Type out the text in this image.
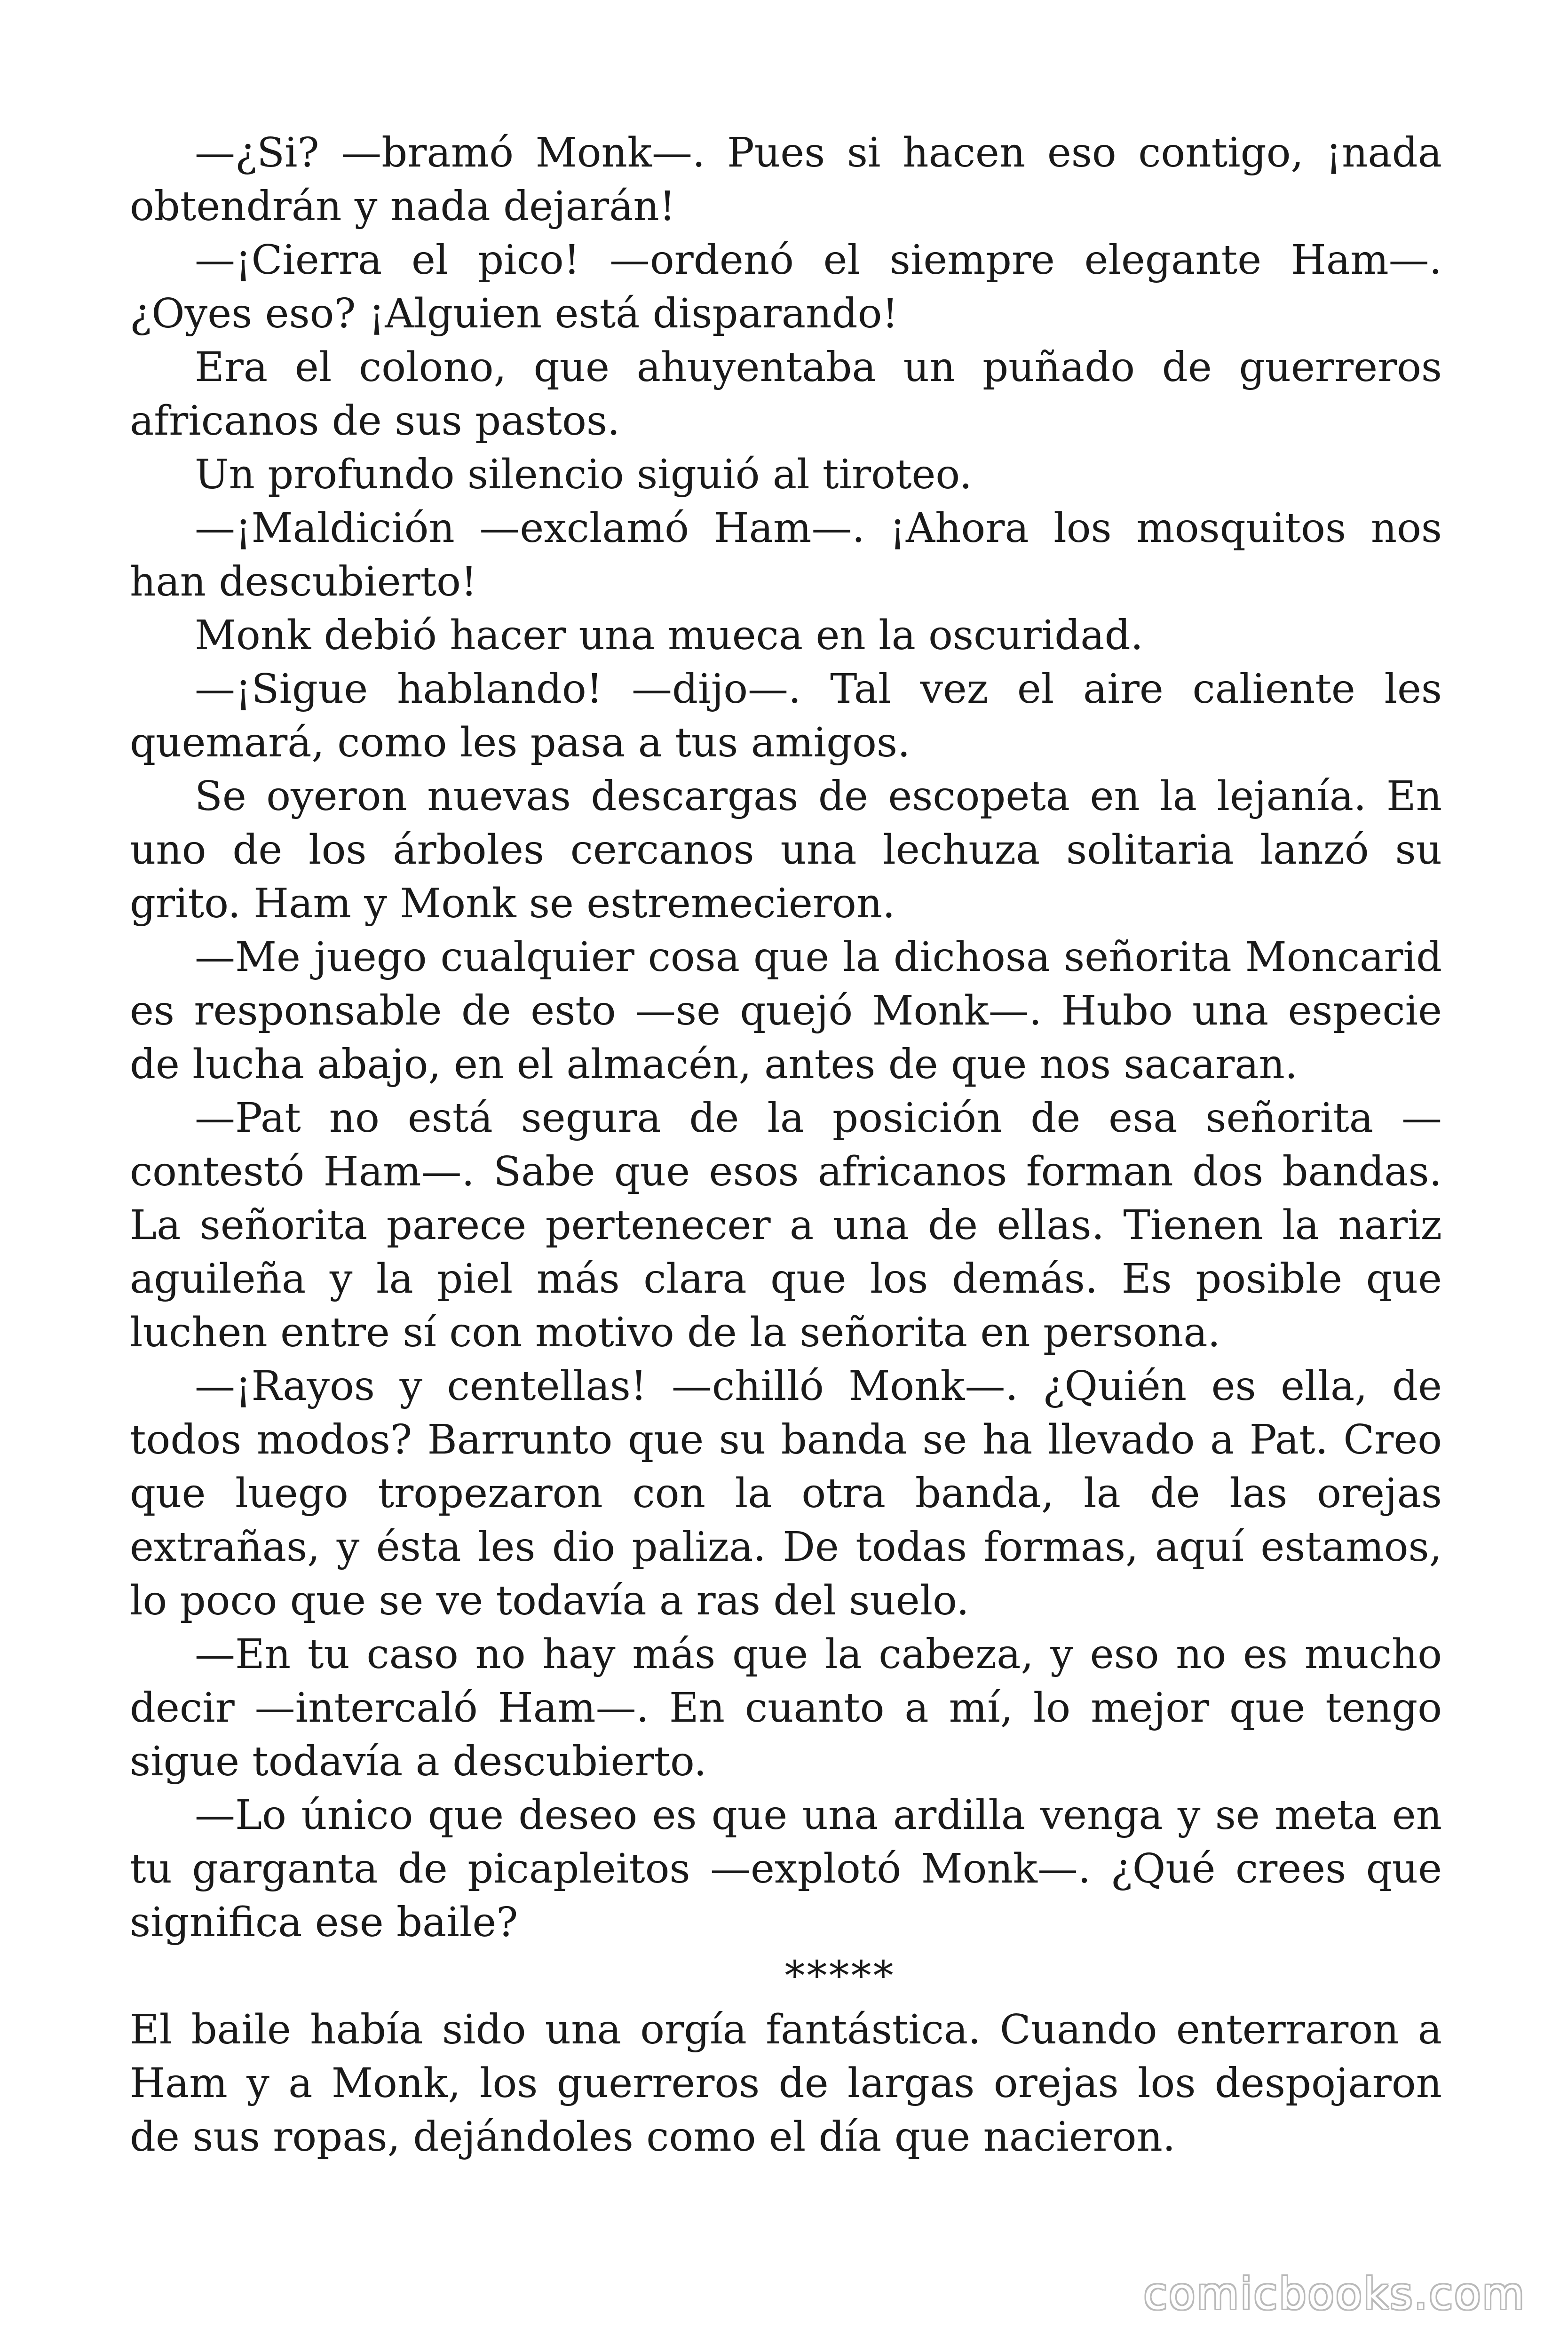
—¿Si? —bramó Monk—. Pues si hacen eso contigo, ¡nada obtendrán y nada dejarán!

—¡Cierra el pico! —ordenó el siempre elegante Ham—. ¿Oyes eso? ¡Alguien está disparando!

Era el colono, que ahuyentaba un puñado de guerreros africanos de sus pastos.

Un profundo silencio siguió al tiroteo.

—¡Maldición —exclamó Ham—. ¡Ahora los mosquitos nos han descubierto!

Monk debió hacer una mueca en la oscuridad.

—¡Sigue hablando! —dijo—. Tal vez el aire caliente les quemará, como les pasa a tus amigos.

Se oyeron nuevas descargas de escopeta en la lejanía. En uno de los árboles cercanos una lechuza solitaria lanzó su grito. Ham y Monk se estremecieron.

—Me juego cualquier cosa que la dichosa señorita Moncarid es responsable de esto —se quejó Monk—. Hubo una especie de lucha abajo, en el almacén, antes de que nos sacaran.

—Pat no está segura de la posición de esa señorita —contestó Ham—. Sabe que esos africanos forman dos bandas. La señorita parece pertenecer a una de ellas. Tienen la nariz aguileña y la piel más clara que los demás. Es posible que luchen entre sí con motivo de la señorita en persona.

—¡Rayos y centellas! —chilló Monk—. ¿Quién es ella, de todos modos? Barrunto que su banda se ha llevado a Pat. Creo que luego tropezaron con la otra banda, la de las orejas extrañas, y ésta les dio paliza. De todas formas, aquí estamos, lo poco que se ve todavía a ras del suelo.

—En tu caso no hay más que la cabeza, y eso no es mucho decir —intercaló Ham—. En cuanto a mí, lo mejor que tengo sigue todavía a descubierto.

—Lo único que deseo es que una ardilla venga y se meta en tu garganta de picapleitos —explotó Monk—. ¿Qué crees que significa ese baile?

*****

El baile había sido una orgía fantástica. Cuando enterraron a Ham y a Monk, los guerreros de largas orejas los despojaron de sus ropas, dejándoles como el día que nacieron.

comicbooks.com
